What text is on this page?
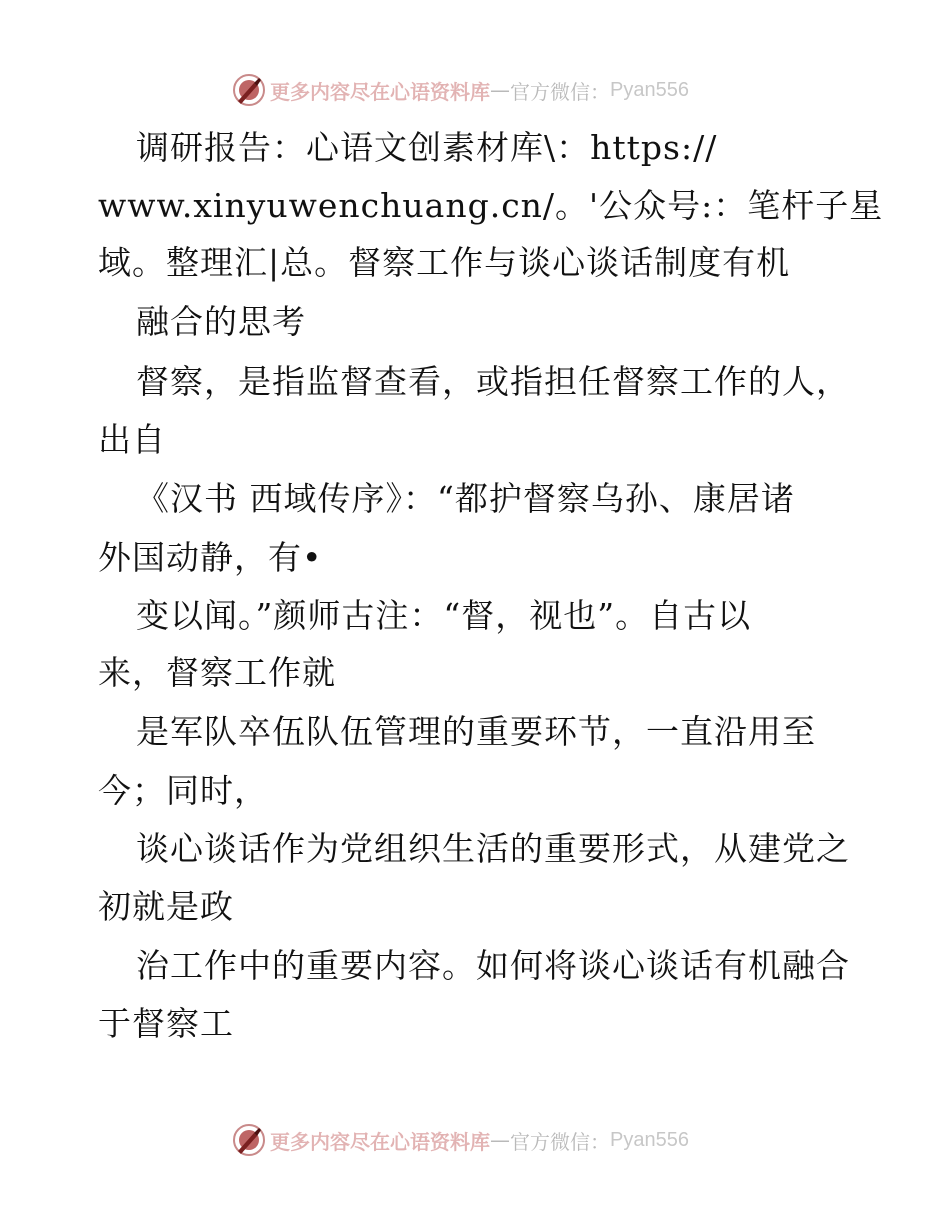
更多内容尽在心语资料库 — 官方微信： Pyan556
调研报告：心语文创素材库\：https://
www.xinyuwenchuang.cn/。'公众号:：笔杆子星
域。整理汇|总。督察工作与谈心谈话制度有机
融合的思考
督察，是指监督查看，或指担任督察工作的人，
出自
《汉书 西域传序》：“都护督察乌孙、康居诸
外国动静，有•
变以闻。”颜师古注：“督，视也”。自古以
来，督察工作就
是军队卒伍队伍管理的重要环节，一直沿用至
今；同时，
谈心谈话作为党组织生活的重要形式，从建党之
初就是政
治工作中的重要内容。如何将谈心谈话有机融合
于督察工
更多内容尽在心语资料库 — 官方微信： Pyan556
